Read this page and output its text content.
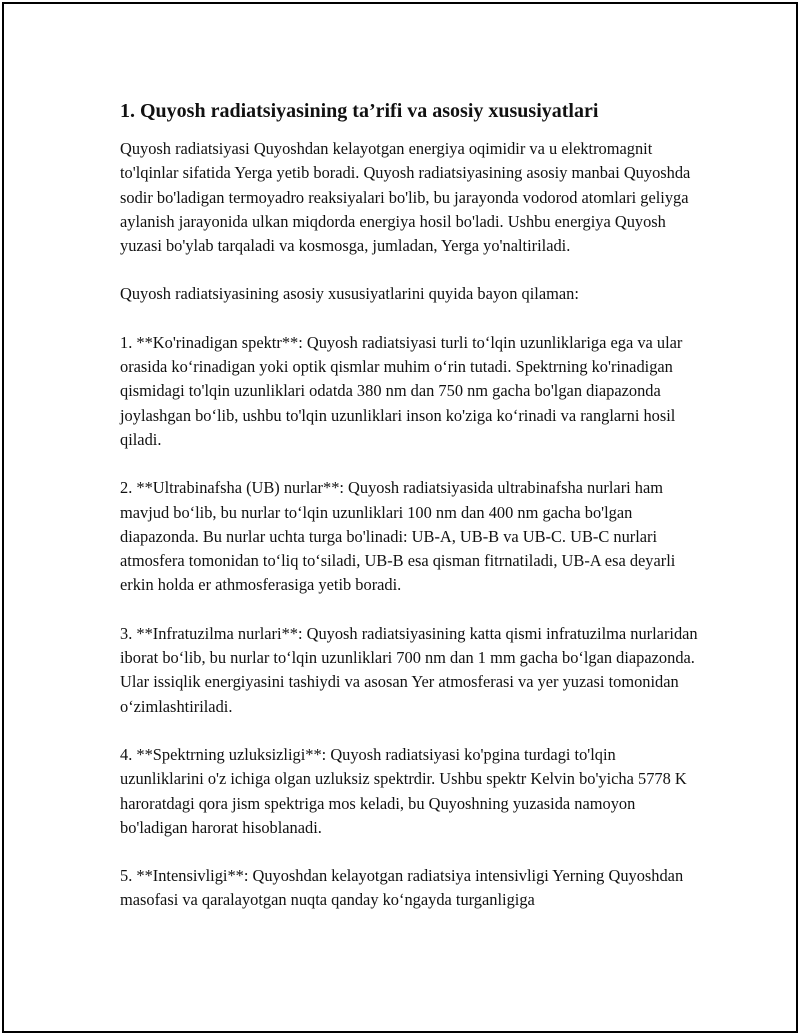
1. Quyosh radiatsiyasining ta’rifi va asosiy xususiyatlari

Quyosh radiatsiyasi Quyoshdan kelayotgan energiya oqimidir va u elektromagnit to'lqinlar sifatida Yerga yetib boradi. Quyosh radiatsiyasining asosiy manbai Quyoshda sodir bo'ladigan termoyadro reaksiyalari bo'lib, bu jarayonda vodorod atomlari geliyga aylanish jarayonida ulkan miqdorda energiya hosil bo'ladi. Ushbu energiya Quyosh yuzasi bo'ylab tarqaladi va kosmosga, jumladan, Yerga yo'naltiriladi.

Quyosh radiatsiyasining asosiy xususiyatlarini quyida bayon qilaman:

1. **Ko'rinadigan spektr**: Quyosh radiatsiyasi turli to‘lqin uzunliklariga ega va ular orasida ko‘rinadigan yoki optik qismlar muhim o‘rin tutadi. Spektrning ko'rinadigan qismidagi to'lqin uzunliklari odatda 380 nm dan 750 nm gacha bo'lgan diapazonda joylashgan bo‘lib, ushbu to'lqin uzunliklari inson ko'ziga ko‘rinadi va ranglarni hosil qiladi.

2. **Ultrabinafsha (UB) nurlar**: Quyosh radiatsiyasida ultrabinafsha nurlari ham mavjud bo‘lib, bu nurlar to‘lqin uzunliklari 100 nm dan 400 nm gacha bo'lgan diapazonda. Bu nurlar uchta turga bo'linadi: UB-A, UB-B va UB-C. UB-C nurlari atmosfera tomonidan to‘liq to‘siladi, UB-B esa qisman fitrnatiladi, UB-A esa deyarli erkin holda er athmosferasiga yetib boradi.

3. **Infratuzilma nurlari**: Quyosh radiatsiyasining katta qismi infratuzilma nurlaridan iborat bo‘lib, bu nurlar to‘lqin uzunliklari 700 nm dan 1 mm gacha bo‘lgan diapazonda. Ular issiqlik energiyasini tashiydi va asosan Yer atmosferasi va yer yuzasi tomonidan o‘zimlashtiriladi.

4. **Spektrning uzluksizligi**: Quyosh radiatsiyasi ko'pgina turdagi to'lqin uzunliklarini o'z ichiga olgan uzluksiz spektrdir. Ushbu spektr Kelvin bo'yicha 5778 K haroratdagi qora jism spektriga mos keladi, bu Quyoshning yuzasida namoyon bo'ladigan harorat hisoblanadi.

5. **Intensivligi**: Quyoshdan kelayotgan radiatsiya intensivligi Yerning Quyoshdan masofasi va qaralayotgan nuqta qanday ko‘ngayda turganligiga
